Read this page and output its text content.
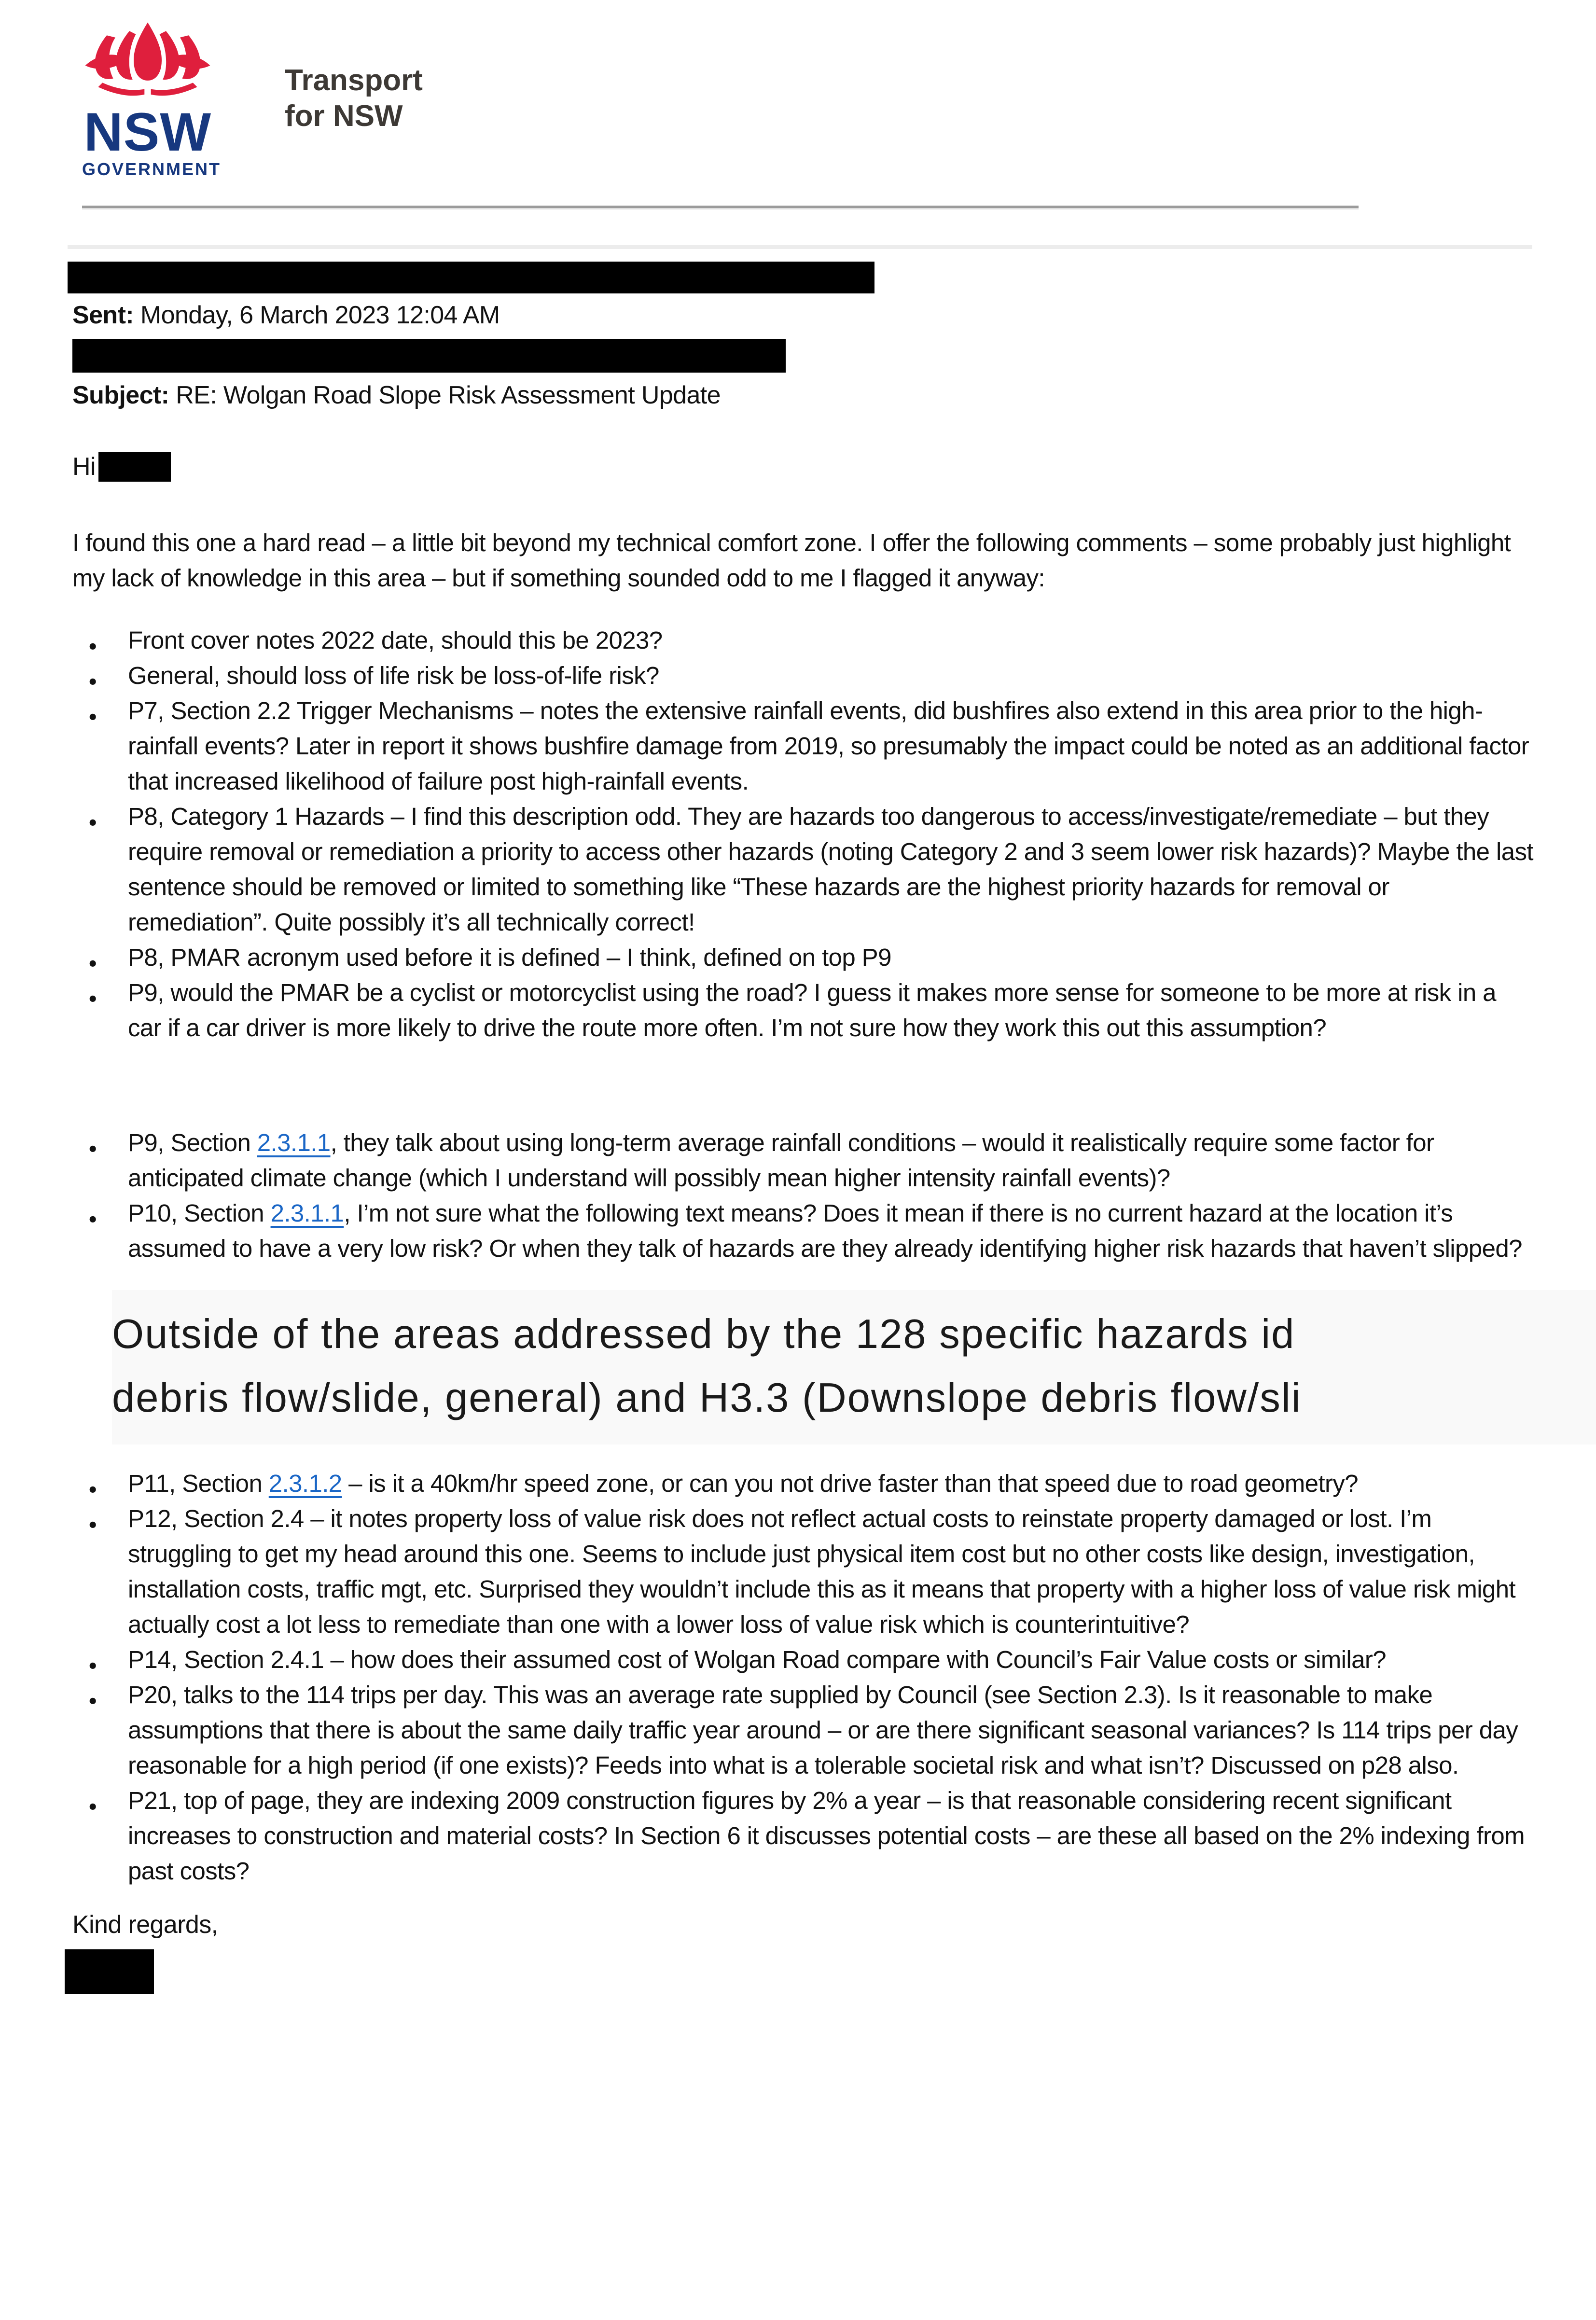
NSW
GOVERNMENT
Transport
for NSW
Sent: Monday, 6 March 2023 12:04 AM
Subject: RE: Wolgan Road Slope Risk Assessment Update
Hi
I found this one a hard read – a little bit beyond my technical comfort zone. I offer the following comments – some probably just highlight my lack of knowledge in this area – but if something sounded odd to me I flagged it anyway:
● Front cover notes 2022 date, should this be 2023?
● General, should loss of life risk be loss-of-life risk?
● P7, Section 2.2 Trigger Mechanisms – notes the extensive rainfall events, did bushfires also extend in this area prior to the high-rainfall events? Later in report it shows bushfire damage from 2019, so presumably the impact could be noted as an additional factor that increased likelihood of failure post high-rainfall events.
● P8, Category 1 Hazards – I find this description odd. They are hazards too dangerous to access/investigate/remediate – but they require removal or remediation a priority to access other hazards (noting Category 2 and 3 seem lower risk hazards)? Maybe the last sentence should be removed or limited to something like “These hazards are the highest priority hazards for removal or remediation”. Quite possibly it’s all technically correct!
● P8, PMAR acronym used before it is defined – I think, defined on top P9
● P9, would the PMAR be a cyclist or motorcyclist using the road? I guess it makes more sense for someone to be more at risk in a car if a car driver is more likely to drive the route more often. I’m not sure how they work this out this assumption?
● P9, Section 2.3.1.1, they talk about using long-term average rainfall conditions – would it realistically require some factor for anticipated climate change (which I understand will possibly mean higher intensity rainfall events)?
● P10, Section 2.3.1.1, I’m not sure what the following text means? Does it mean if there is no current hazard at the location it’s assumed to have a very low risk? Or when they talk of hazards are they already identifying higher risk hazards that haven’t slipped?
Outside of the areas addressed by the 128 specific hazards id
debris flow/slide, general) and H3.3 (Downslope debris flow/sli
● P11, Section 2.3.1.2 – is it a 40km/hr speed zone, or can you not drive faster than that speed due to road geometry?
● P12, Section 2.4 – it notes property loss of value risk does not reflect actual costs to reinstate property damaged or lost. I’m struggling to get my head around this one. Seems to include just physical item cost but no other costs like design, investigation, installation costs, traffic mgt, etc. Surprised they wouldn’t include this as it means that property with a higher loss of value risk might actually cost a lot less to remediate than one with a lower loss of value risk which is counterintuitive?
● P14, Section 2.4.1 – how does their assumed cost of Wolgan Road compare with Council’s Fair Value costs or similar?
● P20, talks to the 114 trips per day. This was an average rate supplied by Council (see Section 2.3). Is it reasonable to make assumptions that there is about the same daily traffic year around – or are there significant seasonal variances? Is 114 trips per day reasonable for a high period (if one exists)? Feeds into what is a tolerable societal risk and what isn’t? Discussed on p28 also.
● P21, top of page, they are indexing 2009 construction figures by 2% a year – is that reasonable considering recent significant increases to construction and material costs? In Section 6 it discusses potential costs – are these all based on the 2% indexing from past costs?
Kind regards,
